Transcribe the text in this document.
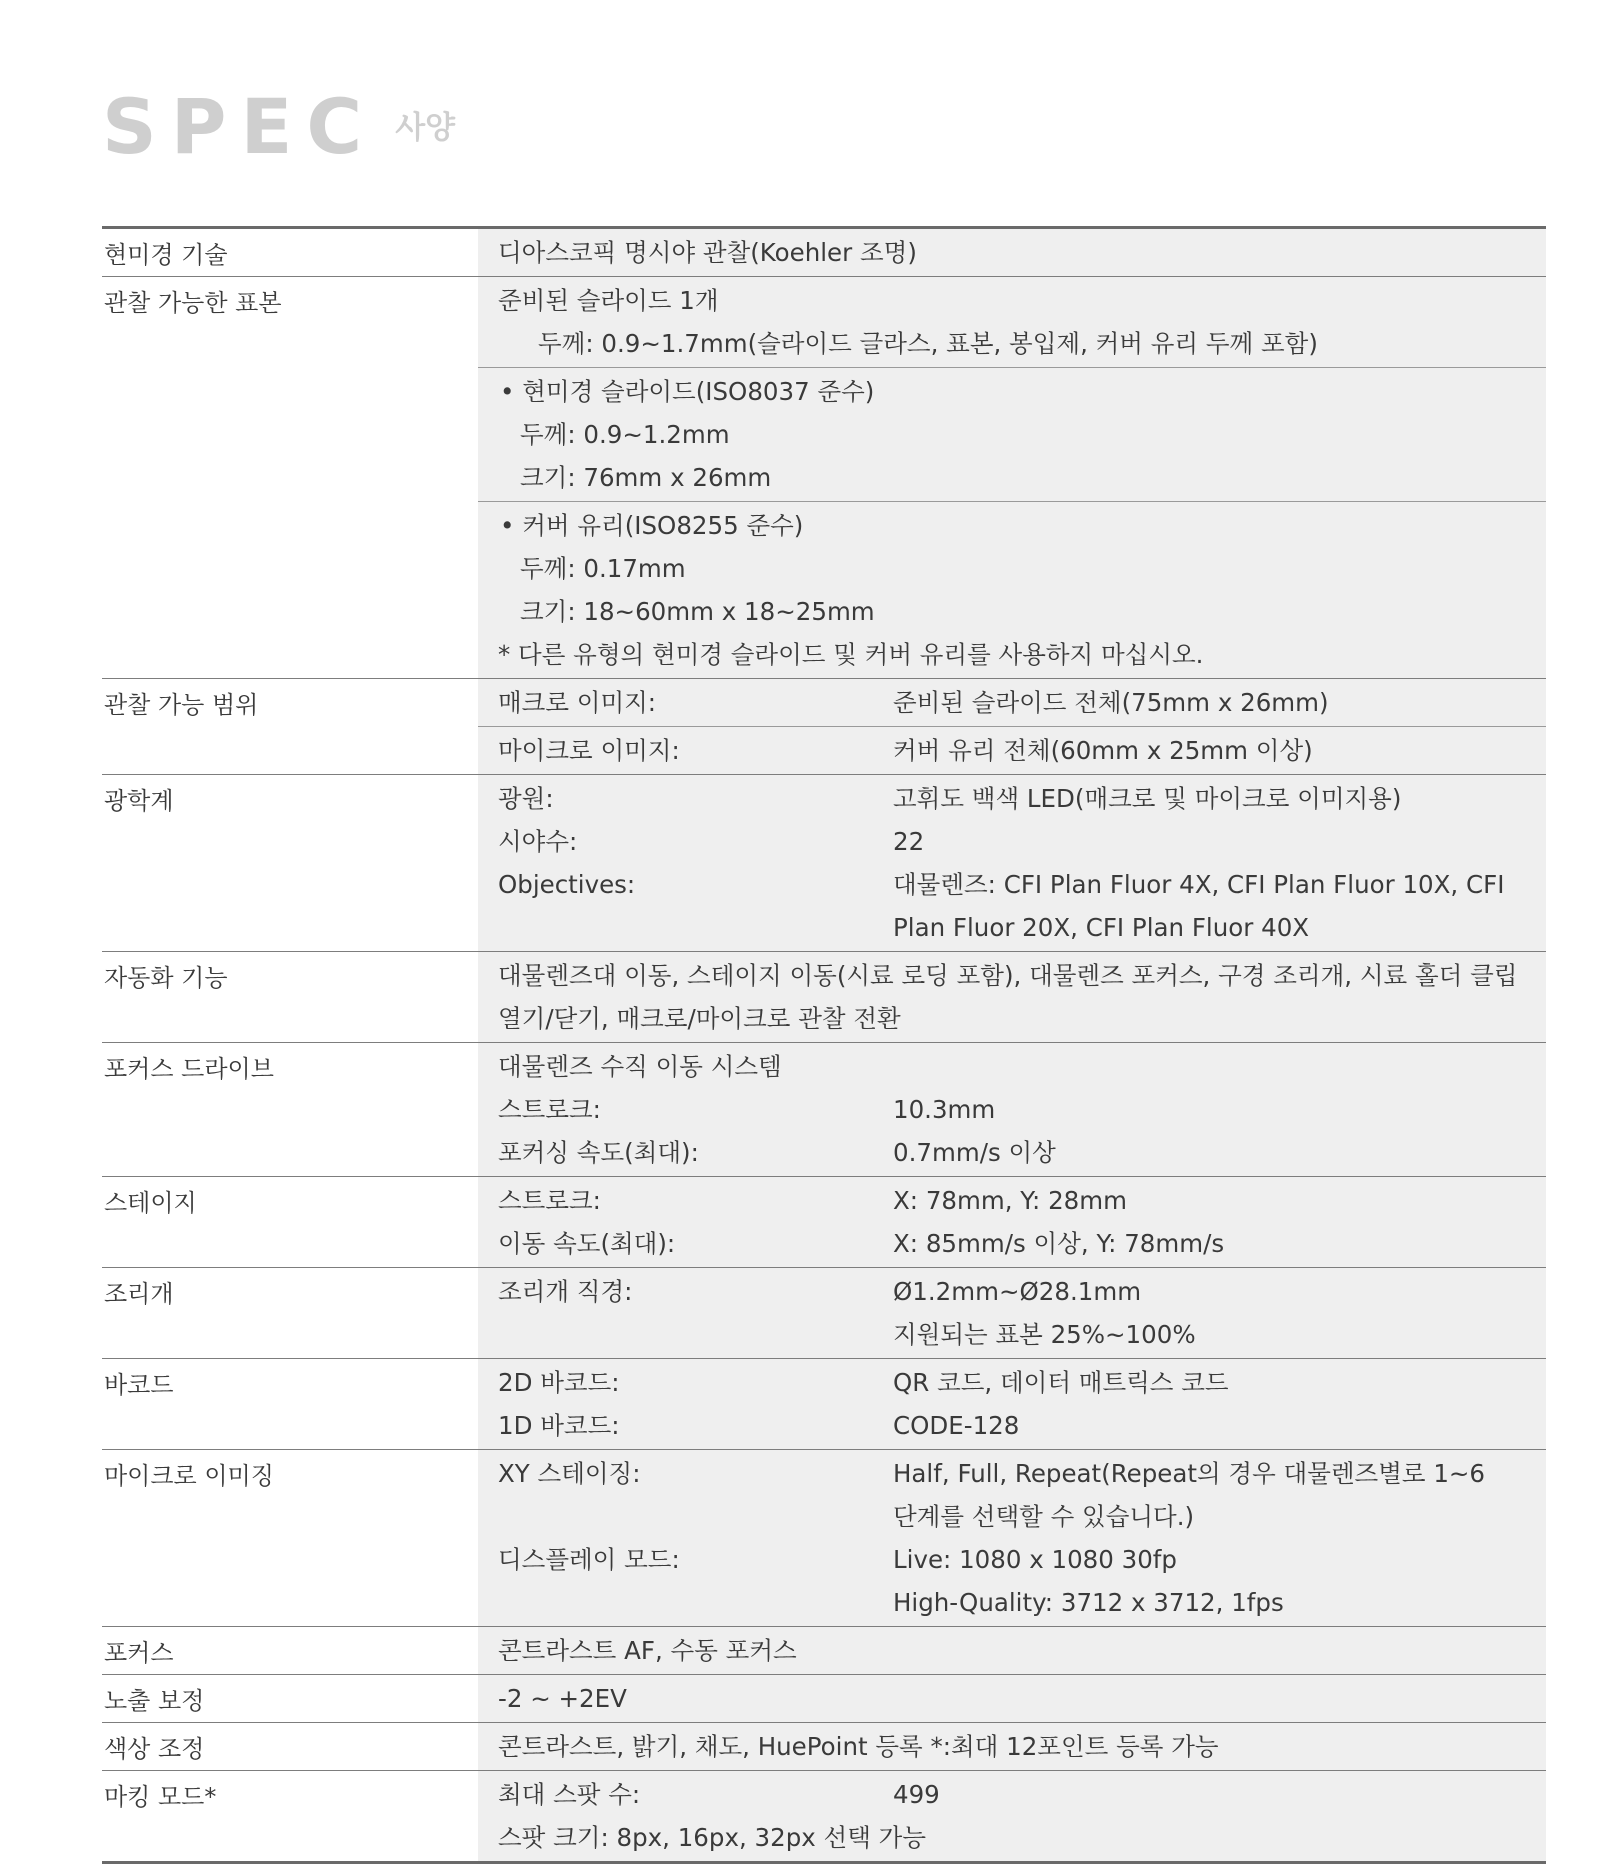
SPEC 사양
현미경 기술	디아스코픽 명시야 관찰(Koehler 조명)
관찰 가능한 표본	준비된 슬라이드 1개
두께: 0.9~1.7mm(슬라이드 글라스, 표본, 봉입제, 커버 유리 두께 포함)
• 현미경 슬라이드(ISO8037 준수)
두께: 0.9~1.2mm
크기: 76mm x 26mm
• 커버 유리(ISO8255 준수)
두께: 0.17mm
크기: 18~60mm x 18~25mm
* 다른 유형의 현미경 슬라이드 및 커버 유리를 사용하지 마십시오.
관찰 가능 범위	매크로 이미지:	준비된 슬라이드 전체(75mm x 26mm)
마이크로 이미지:	커버 유리 전체(60mm x 25mm 이상)
광학계	광원:	고휘도 백색 LED(매크로 및 마이크로 이미지용)
시야수:	22
Objectives:	대물렌즈: CFI Plan Fluor 4X, CFI Plan Fluor 10X, CFI
Plan Fluor 20X, CFI Plan Fluor 40X
자동화 기능	대물렌즈대 이동, 스테이지 이동(시료 로딩 포함), 대물렌즈 포커스, 구경 조리개, 시료 홀더 클립
열기/닫기, 매크로/마이크로 관찰 전환
포커스 드라이브	대물렌즈 수직 이동 시스템
스트로크:	10.3mm
포커싱 속도(최대):	0.7mm/s 이상
스테이지	스트로크:	X: 78mm, Y: 28mm
이동 속도(최대):	X: 85mm/s 이상, Y: 78mm/s
조리개	조리개 직경:	Ø1.2mm~Ø28.1mm
지원되는 표본 25%~100%
바코드	2D 바코드:	QR 코드, 데이터 매트릭스 코드
1D 바코드:	CODE-128
마이크로 이미징	XY 스테이징:	Half, Full, Repeat(Repeat의 경우 대물렌즈별로 1~6
단계를 선택할 수 있습니다.)
디스플레이 모드:	Live: 1080 x 1080 30fp
High-Quality: 3712 x 3712, 1fps
포커스	콘트라스트 AF, 수동 포커스
노출 보정	-2 ~ +2EV
색상 조정	콘트라스트, 밝기, 채도, HuePoint 등록 *:최대 12포인트 등록 가능
마킹 모드*	최대 스팟 수:	499
스팟 크기: 8px, 16px, 32px 선택 가능
